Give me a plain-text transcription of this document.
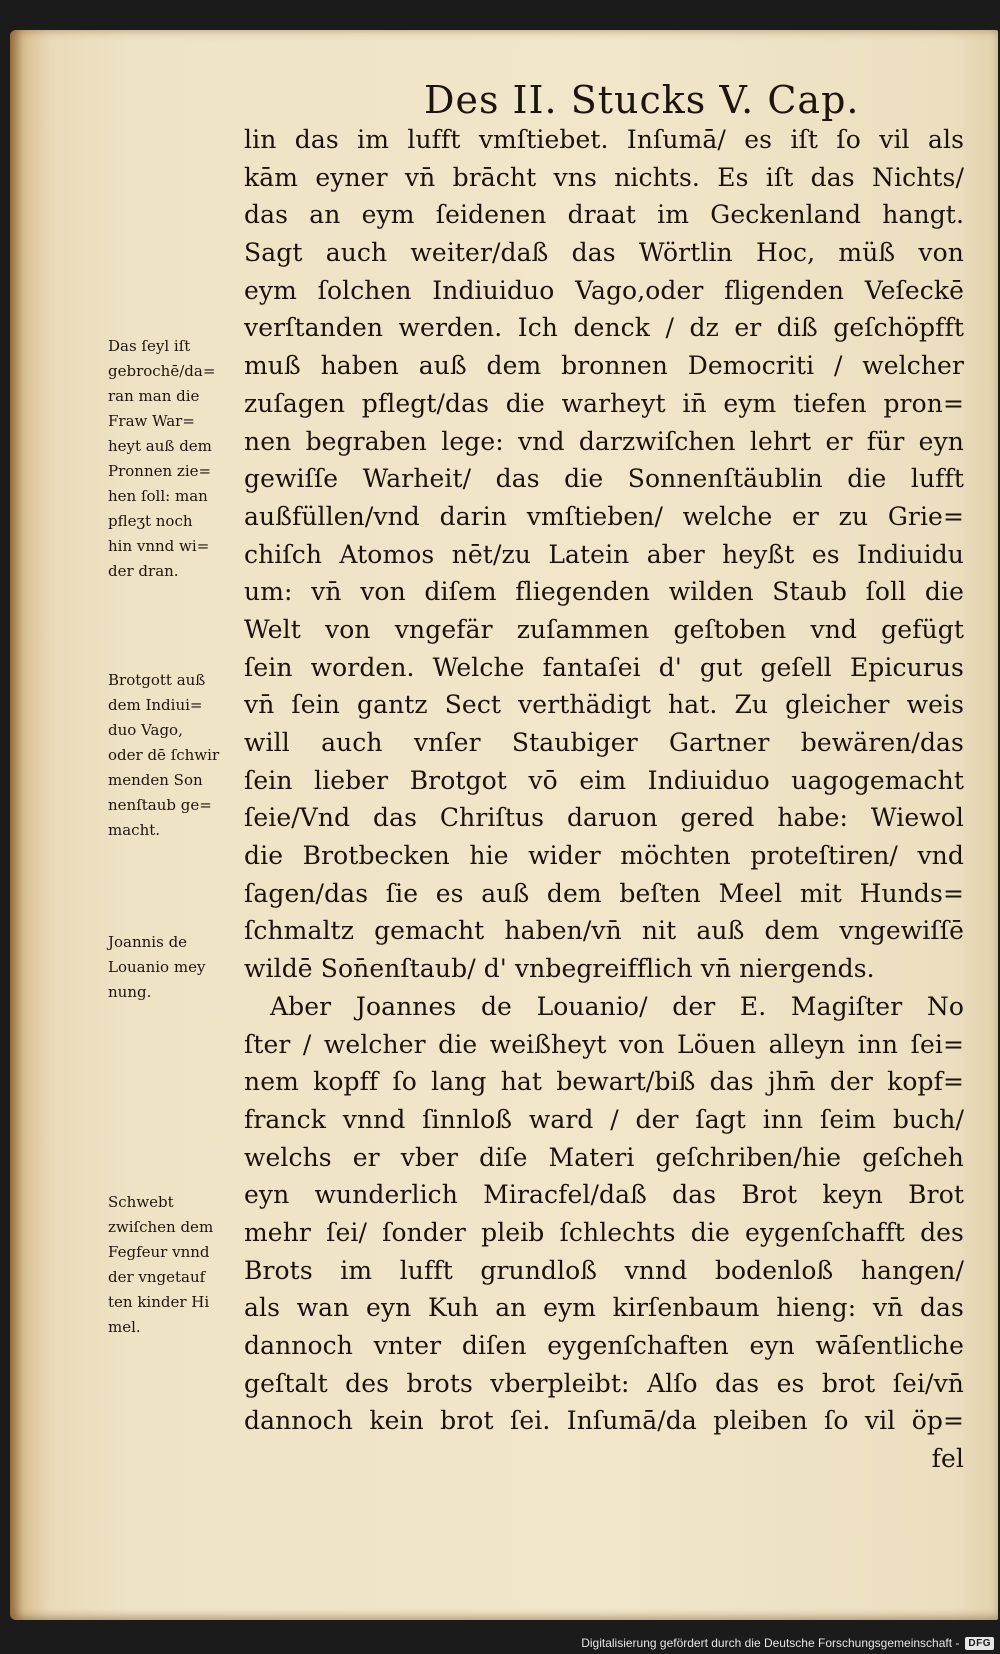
Des II. Stucks V. Cap.
lin das im lufft vmſtiebet. Inſumā/ es iſt ſo vil als
kām eyner vn̄ brācht vns nichts. Es iſt das Nichts/
das an eym ſeidenen draat im Geckenland hangt.
Sagt auch weiter/daß das Wörtlin Hoc, müß von
eym ſolchen Indiuiduo Vago,oder fligenden Veſeckē
verſtanden werden. Ich denck / dz er diß geſchöpfft
muß haben auß dem bronnen Democriti / welcher
zuſagen pflegt/das die warheyt in̄ eym tiefen pron=
nen begraben lege: vnd darzwiſchen lehrt er für eyn
gewiſſe Warheit/ das die Sonnenſtäublin die lufft
außfüllen/vnd darin vmſtieben/ welche er zu Grie=
chiſch Atomos nēt/zu Latein aber heyßt es Indiuidu
um: vn̄ von diſem fliegenden wilden Staub ſoll die
Welt von vngefär zuſammen geſtoben vnd gefügt
ſein worden. Welche fantaſei d' gut geſell Epicurus
vn̄ ſein gantz Sect verthädigt hat. Zu gleicher weis
will auch vnſer Staubiger Gartner bewären/das
ſein lieber Brotgot vō eim Indiuiduo uagogemacht
ſeie/Vnd das Chriſtus daruon gered habe: Wiewol
die Brotbecken hie wider möchten proteſtiren/ vnd
ſagen/das ſie es auß dem beſten Meel mit Hunds=
ſchmaltz gemacht haben/vn̄ nit auß dem vngewiſſē
wildē Son̄enſtaub/ d' vnbegreifflich vn̄ niergends.
Aber Joannes de Louanio/ der E. Magiſter No
ſter / welcher die weißheyt von Löuen alleyn inn ſei=
nem kopff ſo lang hat bewart/biß das jhm̄ der kopf=
franck vnnd ſinnloß ward / der ſagt inn ſeim buch/
welchs er vber diſe Materi geſchriben/hie geſcheh
eyn wunderlich Miracfel/daß das Brot keyn Brot
mehr ſei/ ſonder pleib ſchlechts die eygenſchafft des
Brots im lufft grundloß vnnd bodenloß hangen/
als wan eyn Kuh an eym kirſenbaum hieng: vn̄ das
dannoch vnter diſen eygenſchaften eyn wāſentliche
geſtalt des brots vberpleibt: Alſo das es brot ſei/vn̄
dannoch kein brot ſei. Inſumā/da pleiben ſo vil öp=
fel
Das ſeyl iſt
gebrochē/da=
ran man die
Fraw War=
heyt auß dem
Pronnen zie=
hen ſoll: man
pfleʒt noch
hin vnnd wi=
der dran.
Brotgott auß
dem Indiui=
duo Vago,
oder dē ſchwir
menden Son
nenſtaub ge=
macht.
Joannis de
Louanio mey
nung.
Schwebt
zwiſchen dem
Fegfeur vnnd
der vngetauf
ten kinder Hi
mel.
Digitalisierung gefördert durch die Deutsche Forschungsgemeinschaft - DFG
